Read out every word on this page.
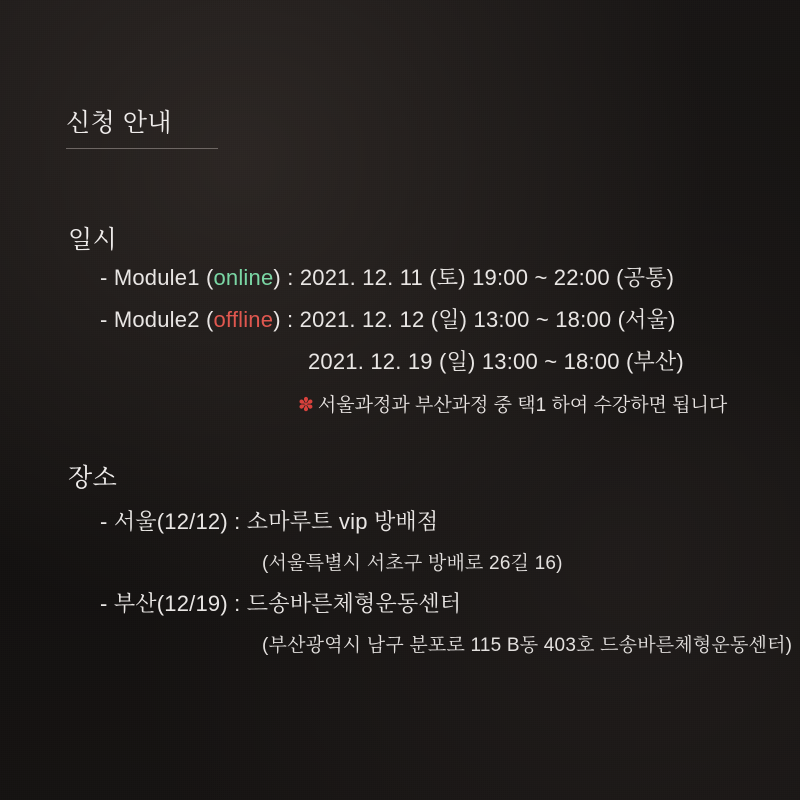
신청 안내
일시
- Module1 (online) : 2021. 12. 11 (토) 19:00 ~ 22:00 (공통)
- Module2 (offline) : 2021. 12. 12 (일) 13:00 ~ 18:00 (서울)
2021. 12. 19 (일) 13:00 ~ 18:00 (부산)
✽ 서울과정과 부산과정 중 택1 하여 수강하면 됩니다
장소
- 서울(12/12) : 소마루트 vip 방배점
(서울특별시 서초구 방배로 26길 16)
- 부산(12/19) : 드송바른체형운동센터
(부산광역시 남구 분포로 115 B동 403호 드송바른체형운동센터)
